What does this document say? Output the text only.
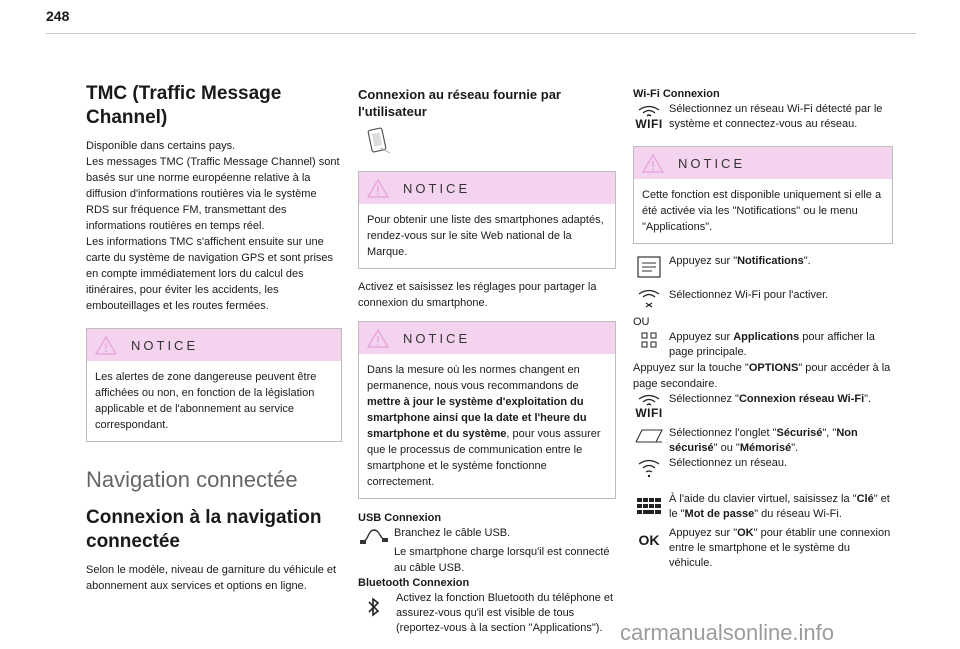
248
TMC (Traffic Message Channel)

Disponible dans certains pays.

Les messages TMC (Traffic Message Channel) sont basés sur une norme européenne relative à la diffusion d'informations routières via le système RDS sur fréquence FM, transmettant des informations routières en temps réel.

Les informations TMC s'affichent ensuite sur une carte du système de navigation GPS et sont prises en compte immédiatement lors du calcul des itinéraires, pour éviter les accidents, les embouteillages et les routes fermées.

NOTICE
Les alertes de zone dangereuse peuvent être affichées ou non, en fonction de la législation applicable et de l'abonnement au service correspondant.
Navigation connectée
Connexion à la navigation connectée

Selon le modèle, niveau de garniture du véhicule et abonnement aux services et options en ligne.

Connexion au réseau fournie par l'utilisateur
NOTICE
Pour obtenir une liste des smartphones adaptés, rendez-vous sur le site Web national de la Marque.

Activez et saisissez les réglages pour partager la connexion du smartphone.

NOTICE
Dans la mesure où les normes changent en permanence, nous vous recommandons de mettre à jour le système d'exploitation du smartphone ainsi que la date et l'heure du smartphone et du système, pour vous assurer que le processus de communication entre le smartphone et le système fonctionne correctement.
USB Connexion
Branchez le câble USB.

Le smartphone charge lorsqu'il est connecté au câble USB.

Bluetooth Connexion
Activez la fonction Bluetooth du téléphone et assurez-vous qu'il est visible de tous (reportez-vous à la section "Applications").
Wi-Fi Connexion
WIFI
Sélectionnez un réseau Wi-Fi détecté par le système et connectez-vous au réseau.
NOTICE
Cette fonction est disponible uniquement si elle a été activée via les "Notifications" ou le menu "Applications".
Appuyez sur "Notifications".
Sélectionnez Wi-Fi pour l'activer.

OU

Appuyez sur Applications pour afficher la page principale.

Appuyez sur la touche "OPTIONS" pour accéder à la page secondaire.

WIFI
Sélectionnez "Connexion réseau Wi-Fi".
Sélectionnez l'onglet "Sécurisé", "Non sécurisé" ou "Mémorisé".
Sélectionnez un réseau.
À l'aide du clavier virtuel, saisissez la "Clé" et le "Mot de passe" du réseau Wi-Fi.
OK Appuyez sur "OK" pour établir une connexion entre le smartphone et le système du véhicule.
carmanualsonline.info
